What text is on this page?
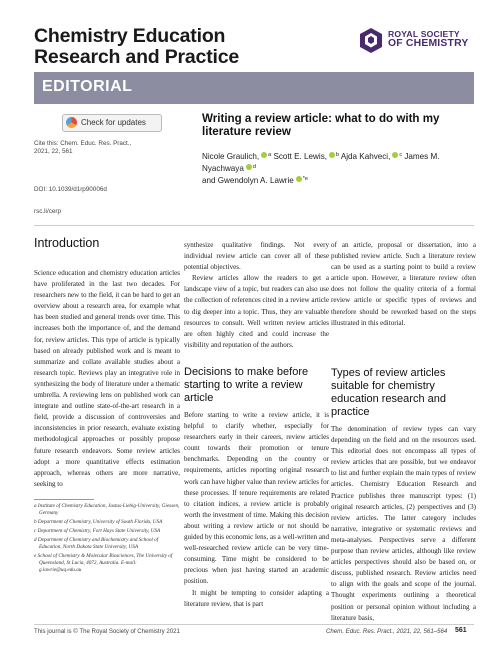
Chemistry Education
Research and Practice
ROYAL SOCIETY
OF CHEMISTRY
EDITORIAL
Check for updates
Cite this: Chem. Educ. Res. Pract.,
2021, 22, 561
DOI: 10.1039/d1rp90006d
rsc.li/cerp
Writing a review article: what to do with my literature review
Nicole Graulich, $^a$ Scott E. Lewis, $^b$ Ajda Kahveci, $^c$ James M. Nyachwaya $^d$
and Gwendolyn A. Lawrie $^{*e}$
Introduction

Science education and chemistry education articles have proliferated in the last two decades. For researchers new to the field, it can be hard to get an overview about a research area, for example what has been studied and general trends over time. This increases both the importance of, and the demand for, review articles. This type of article is typically based on already published work and is meant to summarize and collate available studies about a research topic. Reviews play an integrative role in synthesizing the body of literature under a thematic umbrella. A reviewing lens on published work can integrate and outline state-of-the-art research in a field, provide a discussion of controversies and inconsistencies in prior research, evaluate existing methodological approaches or possibly propose future research endeavors. Some review articles adopt a more quantitative effects estimation approach, whereas others are more narrative, seeking to

synthesize qualitative findings. Not every individual review article can cover all of these potential objectives.

Review articles allow the readers to get a landscape view of a topic, but readers can also use the collection of references cited in a review article to dig deeper into a topic. Thus, they are valuable resources to consult. Well written review articles are often highly cited and could increase the visibility and reputation of the authors.

Decisions to make before starting to write a review article

Before starting to write a review article, it is helpful to clarify whether, especially for researchers early in their careers, review articles count towards their promotion or tenure benchmarks. Depending on the country or requirements, articles reporting original research work can have higher value than review articles for these processes. If tenure requirements are related to citation indices, a review article is probably worth the investment of time. Making this decision about writing a review article or not should be guided by this economic lens, as a well-written and well-researched review article can be very time-consuming. Time might be considered to be precious when just having started an academic position.

It might be tempting to consider adapting a literature review, that is part

of an article, proposal or dissertation, into a published review article. Such a literature review can be used as a starting point to build a review article upon. However, a literature review often does not follow the quality criteria of a formal review article or specific types of reviews and therefore should be reworked based on the steps illustrated in this editorial.

Types of review articles suitable for chemistry education research and practice

The denomination of review types can vary depending on the field and on the resources used. This editorial does not encompass all types of review articles that are possible, but we endeavor to list and further explain the main types of review articles. Chemistry Education Research and Practice publishes three manuscript types: (1) original research articles, (2) perspectives and (3) review articles. The latter category includes narrative, integrative or systematic reviews and meta-analyses. Perspectives serve a different purpose than review articles, although like review articles perspectives should also be based on, or discuss, published research. Review articles need to align with the goals and scope of the journal. Thought experiments outlining a theoretical position or personal opinion without including a literature basis,

a Institute of Chemistry Education, Justus-Liebig-University, Giessen, Germany
b Department of Chemistry, University of South Florida, USA
c Department of Chemistry, Fort Hays State University, USA
d Department of Chemistry and Biochemistry and School of Education, North Dakota State University, USA
e School of Chemistry & Molecular Biosciences, The University of Queensland, St Lucia, 4072, Australia. E-mail: g.lawrie@uq.edu.au
This journal is © The Royal Society of Chemistry 2021	Chem. Educ. Res. Pract., 2021, 22, 561–564 561
